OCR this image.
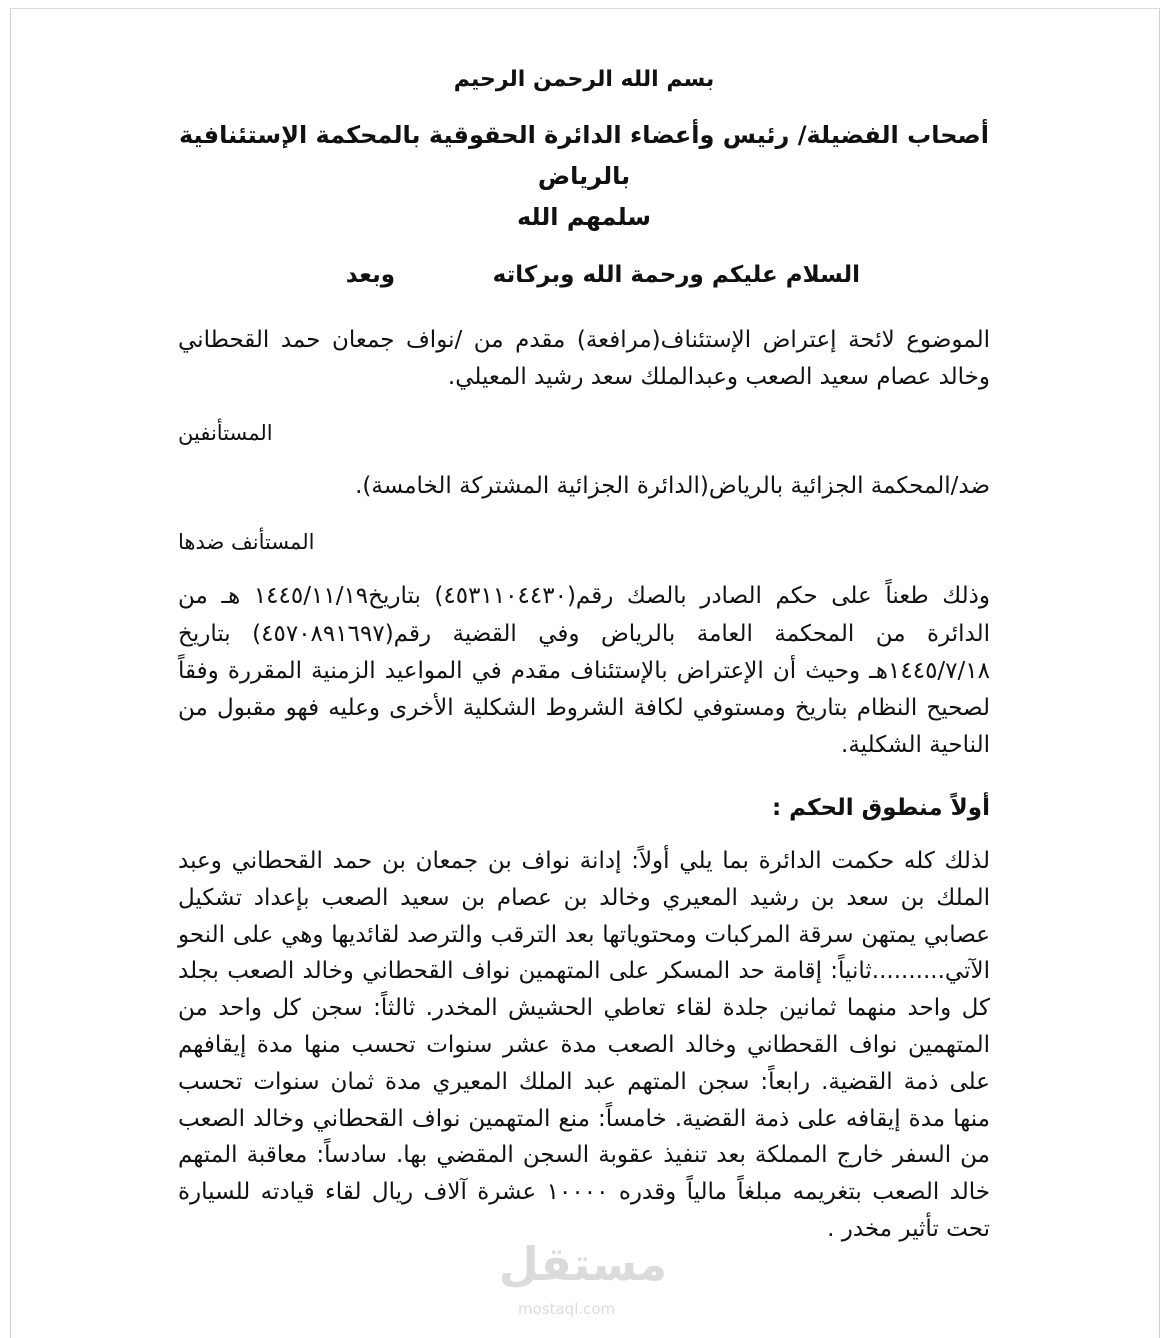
بسم الله الرحمن الرحيم
أصحاب الفضيلة/ رئيس وأعضاء الدائرة الحقوقية بالمحكمة الإستئنافية بالرياض
سلمهم الله
السلام عليكم ورحمة الله وبركاته
وبعد

الموضوع لائحة إعتراض الإستئناف(مرافعة) مقدم من /نواف جمعان حمد القحطاني وخالد عصام سعيد الصعب وعبدالملك سعد رشيد المعيلي.

المستأنفين

ضد/المحكمة الجزائية بالرياض(الدائرة الجزائية المشتركة الخامسة).

المستأنف ضدها

وذلك طعناً على حكم الصادر بالصك رقم(٤٥٣١١٠٤٤٣٠) بتاريخ١٤٤٥/١١/١٩ هـ من الدائرة من المحكمة العامة بالرياض وفي القضية رقم(٤٥٧٠٨٩١٦٩٧) بتاريخ ١٤٤٥/٧/١٨هـ وحيث أن الإعتراض بالإستئناف مقدم في المواعيد الزمنية المقررة وفقاً لصحيح النظام بتاريخ ومستوفي لكافة الشروط الشكلية الأخرى وعليه فهو مقبول من الناحية الشكلية.

أولاً منطوق الحكم :

لذلك كله حكمت الدائرة بما يلي أولاً: إدانة نواف بن جمعان بن حمد القحطاني وعبد الملك بن سعد بن رشيد المعيري وخالد بن عصام بن سعيد الصعب بإعداد تشكيل عصابي يمتهن سرقة المركبات ومحتوياتها بعد الترقب والترصد لقائديها وهي على النحو الآتي..........ثانياً: إقامة حد المسكر على المتهمين نواف القحطاني وخالد الصعب بجلد كل واحد منهما ثمانين جلدة لقاء تعاطي الحشيش المخدر. ثالثاً: سجن كل واحد من المتهمين نواف القحطاني وخالد الصعب مدة عشر سنوات تحسب منها مدة إيقافهم على ذمة القضية. رابعاً: سجن المتهم عبد الملك المعيري مدة ثمان سنوات تحسب منها مدة إيقافه على ذمة القضية. خامساً: منع المتهمين نواف القحطاني وخالد الصعب من السفر خارج المملكة بعد تنفيذ عقوبة السجن المقضي بها. سادساً: معاقبة المتهم خالد الصعب بتغريمه مبلغاً مالياً وقدره ١٠٠٠٠ عشرة آلاف ريال لقاء قيادته للسيارة تحت تأثير مخدر .

مستقل
mostaql.com
